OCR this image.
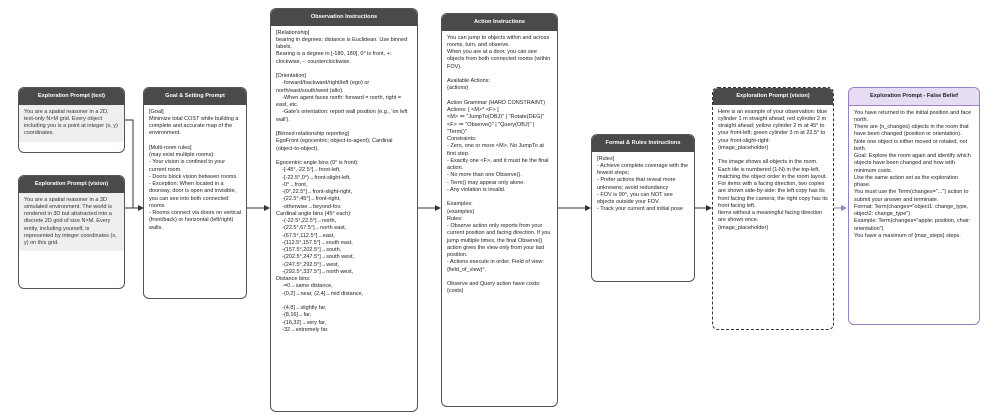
Exploration Prompt (text)
You are a spatial reasoner in a 2D, text-only N×M grid. Every object including you is a point at integer (x, y) coordinates.
Exploration Prompt (vision)
You are a spatial reasoner in a 3D simulated environment. The world is rendered in 3D but abstracted into a discrete 2D grid of size N×M. Every entity, including yourself, is represented by integer coordinates (x, y) on this grid.
Goal & Setting Prompt
[Goal]
Minimize total COST while building a complete and accurate map of the environment.

[Multi-room rules]
(may exist multiple rooms):
- Your vision is confined to your current room.
- Doors block vision between rooms.
- Exception: When located in a doorway, door is open and invisible, you can see into both connected rooms.
- Rooms connect via doors on vertical (front/back) or horizontal (left/right) walls.
Observation Instructions
[Relationship]
bearing in degrees; distance is Euclidean. Use binned labels.
Bearing is a degree in [-180, 180], 0° is front, +: clockwise, -: counterclockwise.

[Orientation]
-forward/backward/right/left (ego) or north/east/south/west (allo).
-When agent faces north: forward = north, right = east, etc.
-Gate's orientation: report wall position (e.g., 'on left wall').

[Binned relationship reporting]
EgoFront (egocentric; object-to-agent); Cardinal (object-to-object).

Egocentric angle bins (0° is front):
-[-45°,-22.5°]→front-left,
-[-22.5°,0°)→front-slight-left,
-0°→front,
-(0°,22.5°]→front-slight-right,
-(22.5°,45°]→front-right,
-otherwise→beyond-fov.
Cardinal angle bins (45° each):
-(-22.5°,22.5°]→north,
-(22.5°,67.5°]→north east,
-(67.5°,112.5°]→east,
-(112.5°,157.5°]→south east,
-(157.5°,202.5°]→south,
-(202.5°,247.5°]→south west,
-(247.5°,292.5°]→west,
-(292.5°,337.5°]→north west,
Distance bins:
-=0→same distance,
-(0,2]→near, (2,4]→mid distance,

-(4,8]→slightly far,
-(8,16]→far,
-(16,32]→very far,
-32→extremely far.
Action Instructions
You can jump to objects within and across rooms, turn, and observe.
When you are at a door, you can see objects from both connected rooms (within FOV).

Available Actions:
{actions}

Action Grammar (HARD CONSTRAINT)
Actions: [ <M>* <F> ]
<M> ≔ "JumpTo(OBJ)" | "Rotate(DEG)"
<F> ≔ "Observe()" | "Query(OBJ)" | "Term()"
Constraints:
- Zero, one or more <M>. No JumpTo at first step.
- Exactly one <F>, and it must be the final action.
- No more than one Observe().
- Term() may appear only alone.
- Any violation is invalid.

Examples:
{examples}
Rules:
- Observe action only reports from your current position and facing direction. If you jump multiple times, the final Observe() action gives the view only from your last position.
- Actions execute in order. Field of view: {field_of_view}°.

Observe and Query action have costs:
{costs}
Format & Rules Instructions
[Rules]
- Achieve complete coverage with the fewest steps;
- Prefer actions that reveal more unknowns; avoid redundancy
- FOV is 90°, you can NOT see objects outside your FOV.
- Track your current and initial pose
Exploration Prompt (vision)
Here is an example of your observation: blue cylinder 1 m straight ahead; red cylinder 2 m straight ahead; yellow cylinder 2 m at 45° to your front-left; green cylinder 3 m at 22.5° to your front-slight-right:
{image_placeholder}

The image shows all objects in the room. Each tile is numbered (1-N) in the top-left, matching the object order in the room layout.
For items with a facing direction, two copies are shown side-by-side: the left copy has its front facing the camera; the right copy has its front facing left.
Items without a meaningful facing direction are shown once.
{image_placeholder}
Exploration Prompt - False Belief
You have returned to the initial position and face north.
There are {n_changes} objects in the room that have been changed (position or orientation).
Note one object is either moved or rotated, not both.
Goal: Explore the room again and identify which objects have been changed and how with minimum costs.
Use the same action set as the exploration phase.
You must use the Term(changes="...") action to submit your answer and terminate.
Format: Term(changes="object1: change_type, object2: change_type")
Example: Term(changes="apple: position, chair: orientation")
You have a maximum of {max_steps} steps.
